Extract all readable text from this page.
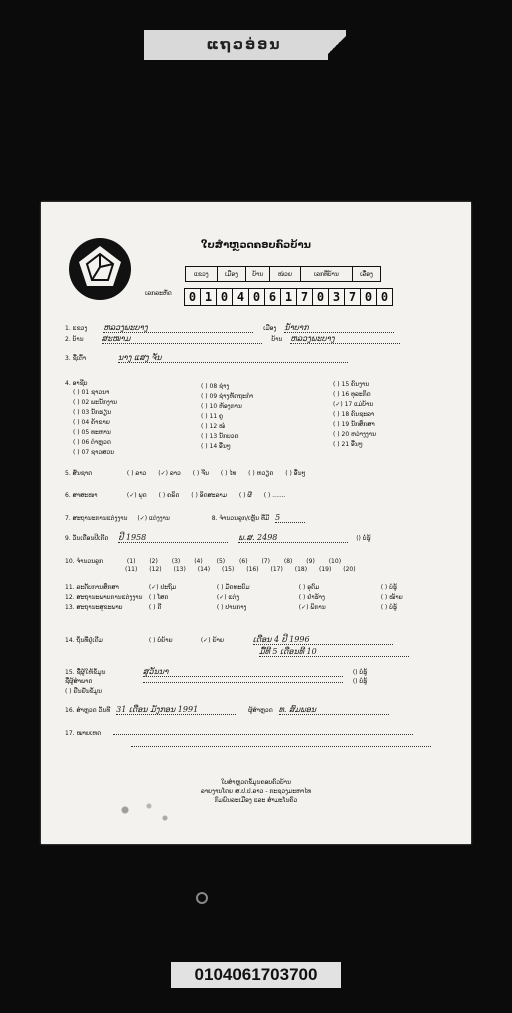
ແຖວອ່ອນ
ໃບສຳຫຼວດຄອບຄົວບ້ານ
ເລກລະຫັດ
ແຂວງ	ເມືອງ	ບ້ານ	ໜ່ວຍ	ເລກທີ່ບ້ານ	ເລື່ອງ
0 1 0 4 0 6 1 7 0 3 7 0 0
1. ແຂວງ ຫລວງພະບາງ	ເມືອງ ນ້ຳບາກ
2. ບ້ານ ສະໝາມ	ບ້ານ ຫລວງພະບາງ
3. ຊື່ເຕົ້າ	ນາງ ແສງ ຈັນ
4. ອາຊີບ
( ) 01 ຊາວນາ
( ) 02 ພະນັກງານ
( ) 03 ນັກຮຽນ
( ) 04 ຄ້າຂາຍ
( ) 05 ທະຫານ
( ) 06 ຕຳຫຼວດ
( ) 07 ຊາວສວນ
( ) 08 ຊ່າງ
( ) 09 ຊ່າງຫັດຖະກຳ
( ) 10 ຫ້ອງການ
( ) 11 ຄູ
( ) 12 ໝໍ
( ) 13 ນັກບວດ
( ) 14 ອື່ນໆ
( ) 15 ຄົນງານ
( ) 16 ທຸລະກິດ
(✓) 17 ແມ່ບ້ານ
( ) 18 ຄົນຊະລາ
( ) 19 ນັກສຶກສາ
( ) 20 ຫວ່າງງານ
( ) 21 ອື່ນໆ
5. ສັນຊາດ	( ) ລາວ (✓) ລາວ ( ) ຈີນ ( ) ໄທ ( ) ຫວຽດ ( ) ອື່ນໆ
6. ສາສະໜາ	(✓) ພຸດ ( ) ຄຣິດ ( ) ອິດສະລາມ ( ) ຜີ ( ) .......
7. ສະຖານະການແຕ່ງງານ (✓) ແຕ່ງງານ	8. ຈຳນວນລູກ/ເຫຼັນ ທີ່ມີ 5
9. ວັນເດືອນປີເກີດ ປີ 1958	ພ.ສ. 2498	() ບໍ່ຮູ້
10. ຈຳນວນລູກ	(1) (2) (3) (4) (5) (6) (7) (8) (9) (10)
(11) (12) (13) (14) (15) (16) (17) (18) (19) (20)
11. ລະດັບການສຶກສາ	(✓) ປະຖົມ	( ) ມັດທະຍົມ	( ) ອຸດົມ	( ) ບໍ່ຮູ້
12. ສະຖານະພາບການແຕ່ງງານ ( ) ໂສດ	(✓) ແຕ່ງ	( ) ຢ່າຮ້າງ	( ) ໝ້າຍ
13. ສະຖານະສຸຂະພາບ	( ) ດີ	( ) ປານກາງ	(✓) ພິການ	( ) ບໍ່ຮູ້
14. ຖິ່ນທີ່ຢູ່ເດີມ	( ) ບໍ່ຍ້າຍ	(✓) ຍ້າຍ	ເດືອນ 4 ປີ 1996
ມື້ທີ 5 ເດືອນທີ 10
15. ຊື່ຜູ້ໃຫ້ຂໍ້ມູນ	ສຸວັນນາ	() ບໍ່ຮູ້
ຊື່ຜູ້ສຳພາດ	() ບໍ່ຮູ້
( ) ຢືນຢັນຂໍ້ມູນ
16. ສຳຫຼວດ ວັນທີ 31 ເດືອນ ມັງກອນ 1991	ຜູ້ສຳຫຼວດ ທ. ສົມພອນ
17. ໝາຍເຫດ
ໃບສຳຫຼວດຂໍ້ມູນຄອບຄົວບ້ານ
ລາຍງານໂດຍ ສ.ປ.ປ.ລາວ - ກະຊວງມະຫາໄທ
ກົມພົນລະເມືອງ ແລະ ສຳມະໂນຄົວ
0104061703700
